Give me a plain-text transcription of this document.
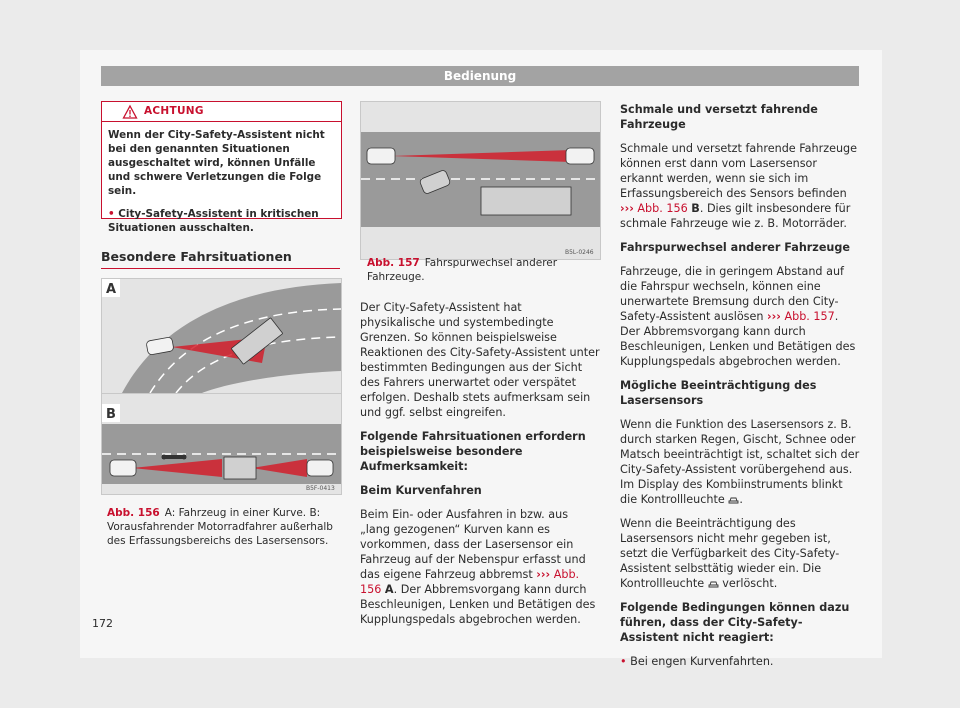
Bedienung
ACHTUNG

Wenn der City-Safety-Assistent nicht bei den genannten Situationen ausgeschaltet wird, können Unfälle und schwere Verletzungen die Folge sein.

• City-Safety-Assistent in kritischen Situationen ausschalten.

Besondere Fahrsituationen
A
B
B5F-0413
Abb. 156 A: Fahrzeug in einer Kurve. B: Vorausfahrender Motorradfahrer außerhalb des Erfassungsbereichs des Lasersensors.
B5L-0246
Abb. 157 Fahrspurwechsel anderer Fahrzeuge.

Der City-Safety-Assistent hat physikalische und systembedingte Grenzen. So können beispielsweise Reaktionen des City-Safety-Assistent unter bestimmten Bedingungen aus der Sicht des Fahrers unerwartet oder verspätet erfolgen. Deshalb stets aufmerksam sein und ggf. selbst eingreifen.

Folgende Fahrsituationen erfordern beispielsweise besondere Aufmerksamkeit:

Beim Kurvenfahren

Beim Ein- oder Ausfahren in bzw. aus „lang gezogenen“ Kurven kann es vorkommen, dass der Lasersensor ein Fahrzeug auf der Nebenspur erfasst und das eigene Fahrzeug abbremst ››› Abb. 156 A. Der Abbremsvorgang kann durch Beschleunigen, Lenken und Betätigen des Kupplungspedals abgebrochen werden.

Schmale und versetzt fahrende Fahrzeuge

Schmale und versetzt fahrende Fahrzeuge können erst dann vom Lasersensor erkannt werden, wenn sie sich im Erfassungsbereich des Sensors befinden ››› Abb. 156 B. Dies gilt insbesondere für schmale Fahrzeuge wie z. B. Motorräder.

Fahrspurwechsel anderer Fahrzeuge

Fahrzeuge, die in geringem Abstand auf die Fahrspur wechseln, können eine unerwartete Bremsung durch den City-Safety-Assistent auslösen ››› Abb. 157. Der Abbremsvorgang kann durch Beschleunigen, Lenken und Betätigen des Kupplungspedals abgebrochen werden.

Mögliche Beeinträchtigung des Lasersensors

Wenn die Funktion des Lasersensors z. B. durch starken Regen, Gischt, Schnee oder Matsch beeinträchtigt ist, schaltet sich der City-Safety-Assistent vorübergehend aus. Im Display des Kombiinstruments blinkt die Kontrollleuchte .

Wenn die Beeinträchtigung des Lasersensors nicht mehr gegeben ist, setzt die Verfügbarkeit des City-Safety-Assistent selbsttätig wieder ein. Die Kontrollleuchte  verlöscht.

Folgende Bedingungen können dazu führen, dass der City-Safety-Assistent nicht reagiert:

• Bei engen Kurvenfahrten.

172
